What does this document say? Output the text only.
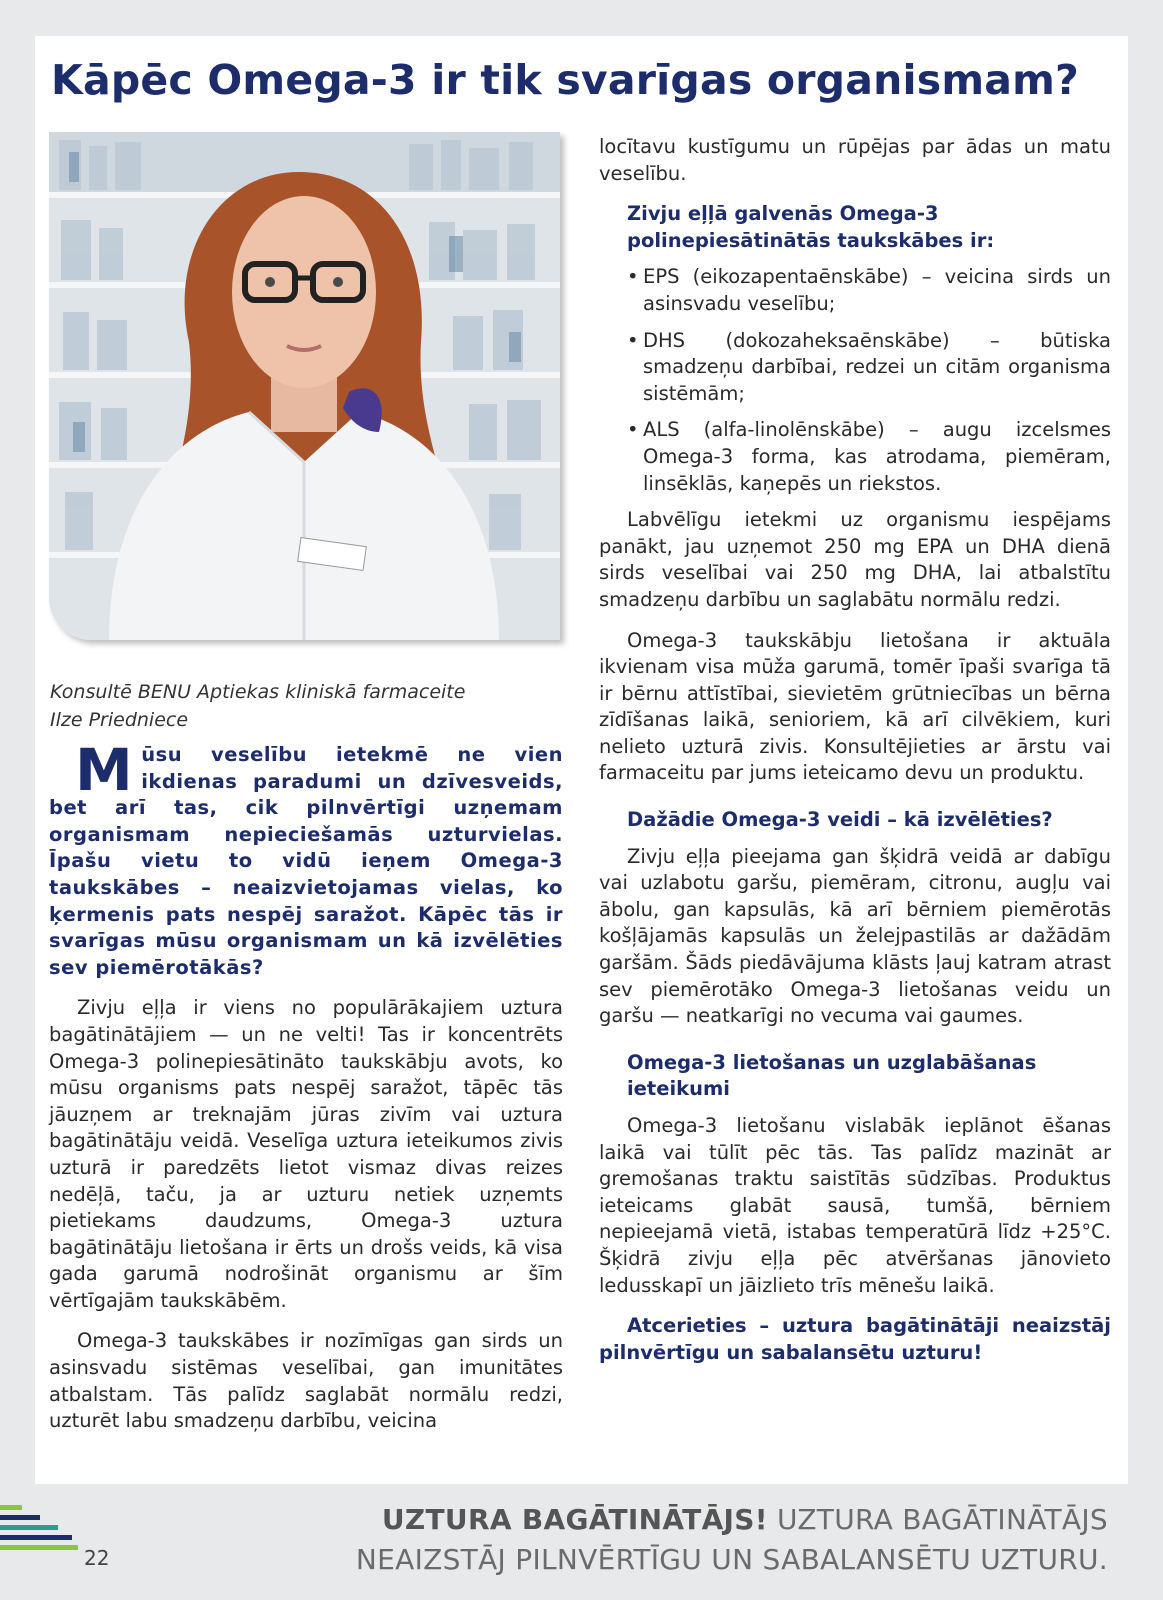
Kāpēc Omega-3 ir tik svarīgas organismam?
Konsultē BENU Aptiekas kliniskā farmaceite
Ilze Priedniece
Mūsu veselību ietekmē ne vien ikdienas paradumi un dzīvesveids, bet arī tas, cik pilnvērtīgi uzņemam organismam nepieciešamās uzturvielas. Īpašu vietu to vidū ieņem Omega-3 taukskābes – neaizvietojamas vielas, ko ķermenis pats nespēj saražot. Kāpēc tās ir svarīgas mūsu organismam un kā izvēlēties sev piemērotākās?

Zivju eļļa ir viens no populārākajiem uztura bagātinātājiem — un ne velti! Tas ir koncentrēts Omega-3 polinepiesātināto taukskābju avots, ko mūsu organisms pats nespēj saražot, tāpēc tās jāuzņem ar treknajām jūras zivīm vai uztura bagātinātāju veidā. Veselīga uztura ieteikumos zivis uzturā ir paredzēts lietot vismaz divas reizes nedēļā, taču, ja ar uzturu netiek uzņemts pietiekams daudzums, Omega-3 uztura bagātinātāju lietošana ir ērts un drošs veids, kā visa gada garumā nodrošināt organismu ar šīm vērtīgajām taukskābēm.

Omega-3 taukskābes ir nozīmīgas gan sirds un asinsvadu sistēmas veselībai, gan imunitātes atbalstam. Tās palīdz saglabāt normālu redzi, uzturēt labu smadzeņu darbību, veicina

locītavu kustīgumu un rūpējas par ādas un matu veselību.

Zivju eļļā galvenās Omega-3 polinepiesātinātās taukskābes ir:
• EPS (eikozapentaēnskābe) – veicina sirds un asinsvadu veselību;
• DHS (dokozaheksaēnskābe) – būtiska smadzeņu darbībai, redzei un citām organisma sistēmām;
• ALS (alfa-linolēnskābe) – augu izcelsmes Omega-3 forma, kas atrodama, piemēram, linsēklās, kaņepēs un riekstos.

Labvēlīgu ietekmi uz organismu iespējams panākt, jau uzņemot 250 mg EPA un DHA dienā sirds veselībai vai 250 mg DHA, lai atbalstītu smadzeņu darbību un saglabātu normālu redzi.

Omega-3 taukskābju lietošana ir aktuāla ikvienam visa mūža garumā, tomēr īpaši svarīga tā ir bērnu attīstībai, sievietēm grūtniecības un bērna zīdīšanas laikā, senioriem, kā arī cilvēkiem, kuri nelieto uzturā zivis. Konsultējieties ar ārstu vai farmaceitu par jums ieteicamo devu un produktu.

Dažādie Omega-3 veidi – kā izvēlēties?

Zivju eļļa pieejama gan šķidrā veidā ar dabīgu vai uzlabotu garšu, piemēram, citronu, augļu vai ābolu, gan kapsulās, kā arī bērniem piemērotās košļājamās kapsulās un želejpastilās ar dažādām garšām. Šāds piedāvājuma klāsts ļauj katram atrast sev piemērotāko Omega-3 lietošanas veidu un garšu — neatkarīgi no vecuma vai gaumes.

Omega-3 lietošanas un uzglabāšanas ieteikumi

Omega-3 lietošanu vislabāk ieplānot ēšanas laikā vai tūlīt pēc tās. Tas palīdz mazināt ar gremošanas traktu saistītās sūdzības. Produktus ieteicams glabāt sausā, tumšā, bērniem nepieejamā vietā, istabas temperatūrā līdz +25°C. Šķidrā zivju eļļa pēc atvēršanas jānovieto ledusskapī un jāizlieto trīs mēnešu laikā.

Atcerieties – uztura bagātinātāji neaizstāj pilnvērtīgu un sabalansētu uzturu!

22
UZTURA BAGĀTINĀTĀJS! UZTURA BAGĀTINĀTĀJS
NEAIZSTĀJ PILNVĒRTĪGU UN SABALANSĒTU UZTURU.
